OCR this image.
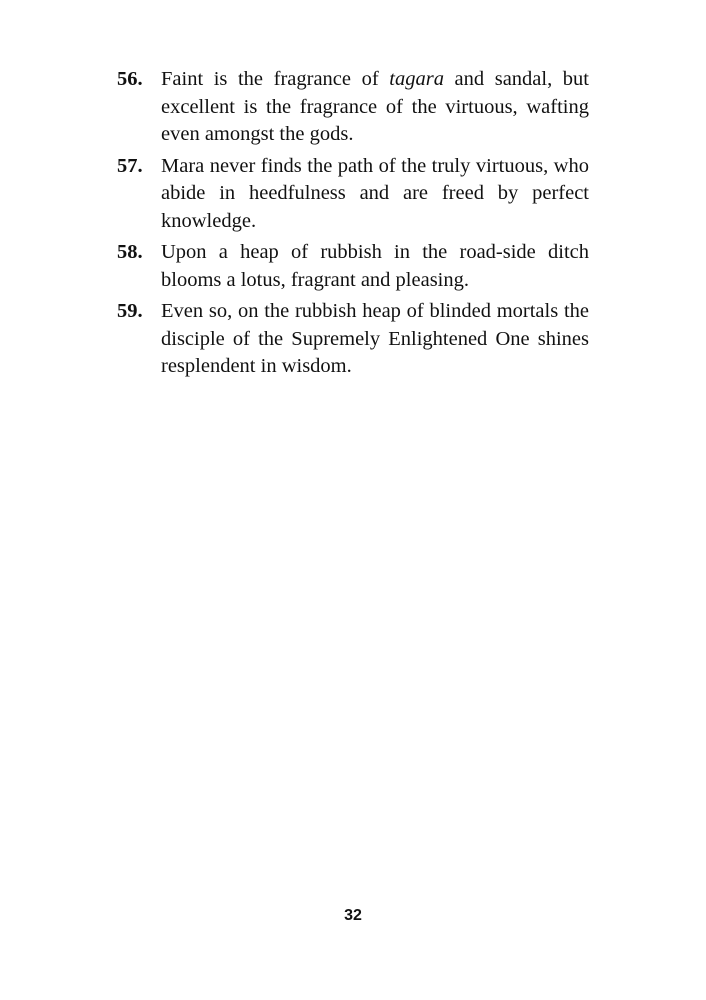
56. Faint is the fragrance of tagara and sandal, but excellent is the fragrance of the virtuous, wafting even amongst the gods.
57. Mara never finds the path of the truly virtuous, who abide in heedfulness and are freed by perfect knowledge.
58. Upon a heap of rubbish in the road-side ditch blooms a lotus, fragrant and pleasing.
59. Even so, on the rubbish heap of blinded mortals the disciple of the Supremely Enlightened One shines resplendent in wisdom.
32
